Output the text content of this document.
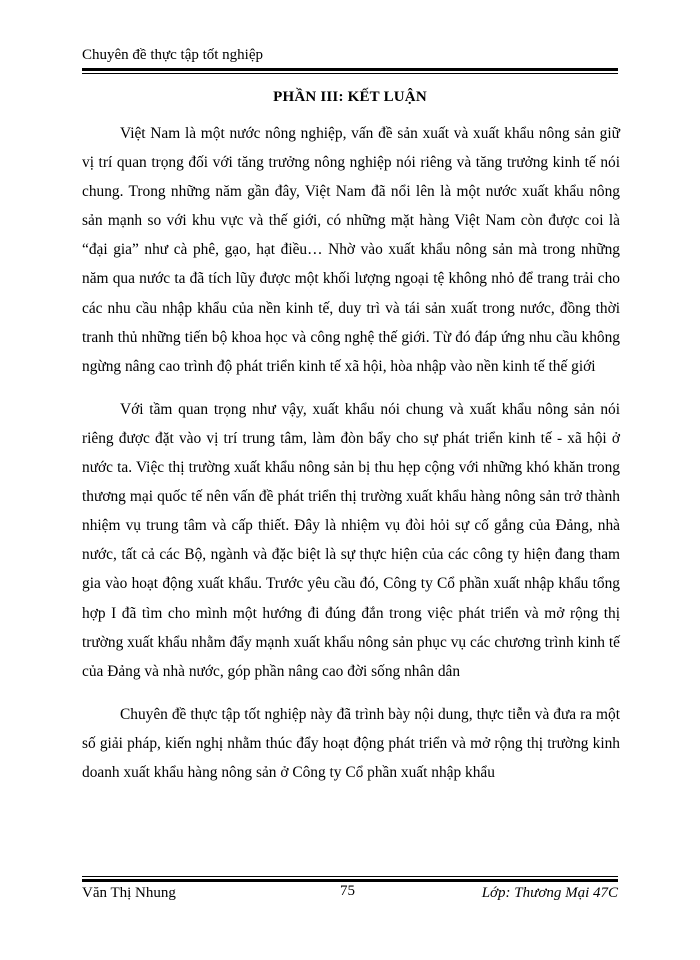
Chuyên đề thực tập tốt nghiệp
PHẦN III: KẾT LUẬN

Việt Nam là một nước nông nghiệp, vấn đề sản xuất và xuất khẩu nông sản giữ vị trí quan trọng đối với tăng trưởng nông nghiệp nói riêng và tăng trưởng kinh tế nói chung. Trong những năm gần đây, Việt Nam đã nổi lên là một nước xuất khẩu nông sản mạnh so với khu vực và thế giới, có những mặt hàng Việt Nam còn được coi là “đại gia” như cà phê, gạo, hạt điều… Nhờ vào xuất khẩu nông sản mà trong những năm qua nước ta đã tích lũy được một khối lượng ngoại tệ không nhỏ để trang trải cho các nhu cầu nhập khẩu của nền kinh tế, duy trì và tái sản xuất trong nước, đồng thời tranh thủ những tiến bộ khoa học và công nghệ thế giới. Từ đó đáp ứng nhu cầu không ngừng nâng cao trình độ phát triển kinh tế xã hội, hòa nhập vào nền kinh tế thế giới

Với tầm quan trọng như vậy, xuất khẩu nói chung và xuất khẩu nông sản nói riêng được đặt vào vị trí trung tâm, làm đòn bẩy cho sự phát triển kinh tế - xã hội ở nước ta. Việc thị trường xuất khẩu nông sản bị thu hẹp cộng với những khó khăn trong thương mại quốc tế nên vấn đề phát triển thị trường xuất khẩu hàng nông sản trở thành nhiệm vụ trung tâm và cấp thiết. Đây là nhiệm vụ đòi hỏi sự cố gắng của Đảng, nhà nước, tất cả các Bộ, ngành và đặc biệt là sự thực hiện của các công ty hiện đang tham gia vào hoạt động xuất khẩu. Trước yêu cầu đó, Công ty Cổ phần xuất nhập khẩu tổng hợp I đã tìm cho mình một hướng đi đúng đắn trong việc phát triển và mở rộng thị trường xuất khẩu nhằm đẩy mạnh xuất khẩu nông sản phục vụ các chương trình kinh tế của Đảng và nhà nước, góp phần nâng cao đời sống nhân dân

Chuyên đề thực tập tốt nghiệp này đã trình bày nội dung, thực tiễn và đưa ra một số giải pháp, kiến nghị nhằm thúc đẩy hoạt động phát triển và mở rộng thị trường kinh doanh xuất khẩu hàng nông sản ở Công ty Cổ phần xuất nhập khẩu

Văn Thị Nhung	75	Lớp: Thương Mại 47C
